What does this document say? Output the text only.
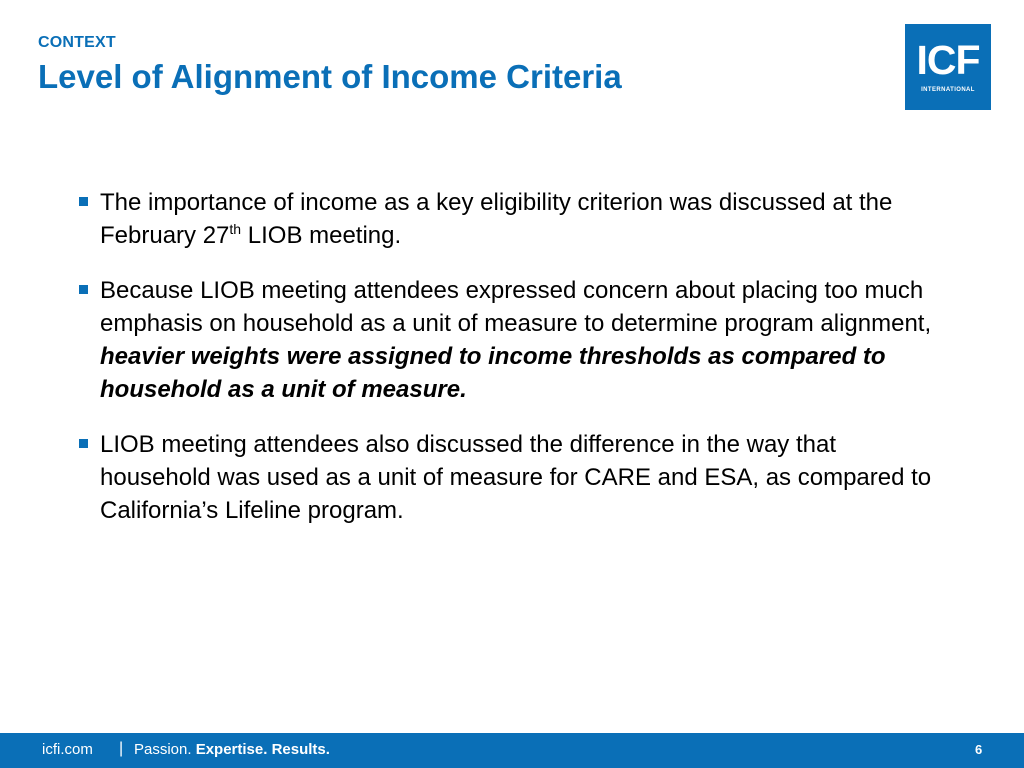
CONTEXT
Level of Alignment of Income Criteria	ICF
INTERNATIONAL
The importance of income as a key eligibility criterion was discussed at the February 27th LIOB meeting.
Because LIOB meeting attendees expressed concern about placing too much emphasis on household as a unit of measure to determine program alignment, heavier weights were assigned to income thresholds as compared to household as a unit of measure.
LIOB meeting attendees also discussed the difference in the way that household was used as a unit of measure for CARE and ESA, as compared to California’s Lifeline program.
icfi.com | Passion. Expertise. Results.	6
